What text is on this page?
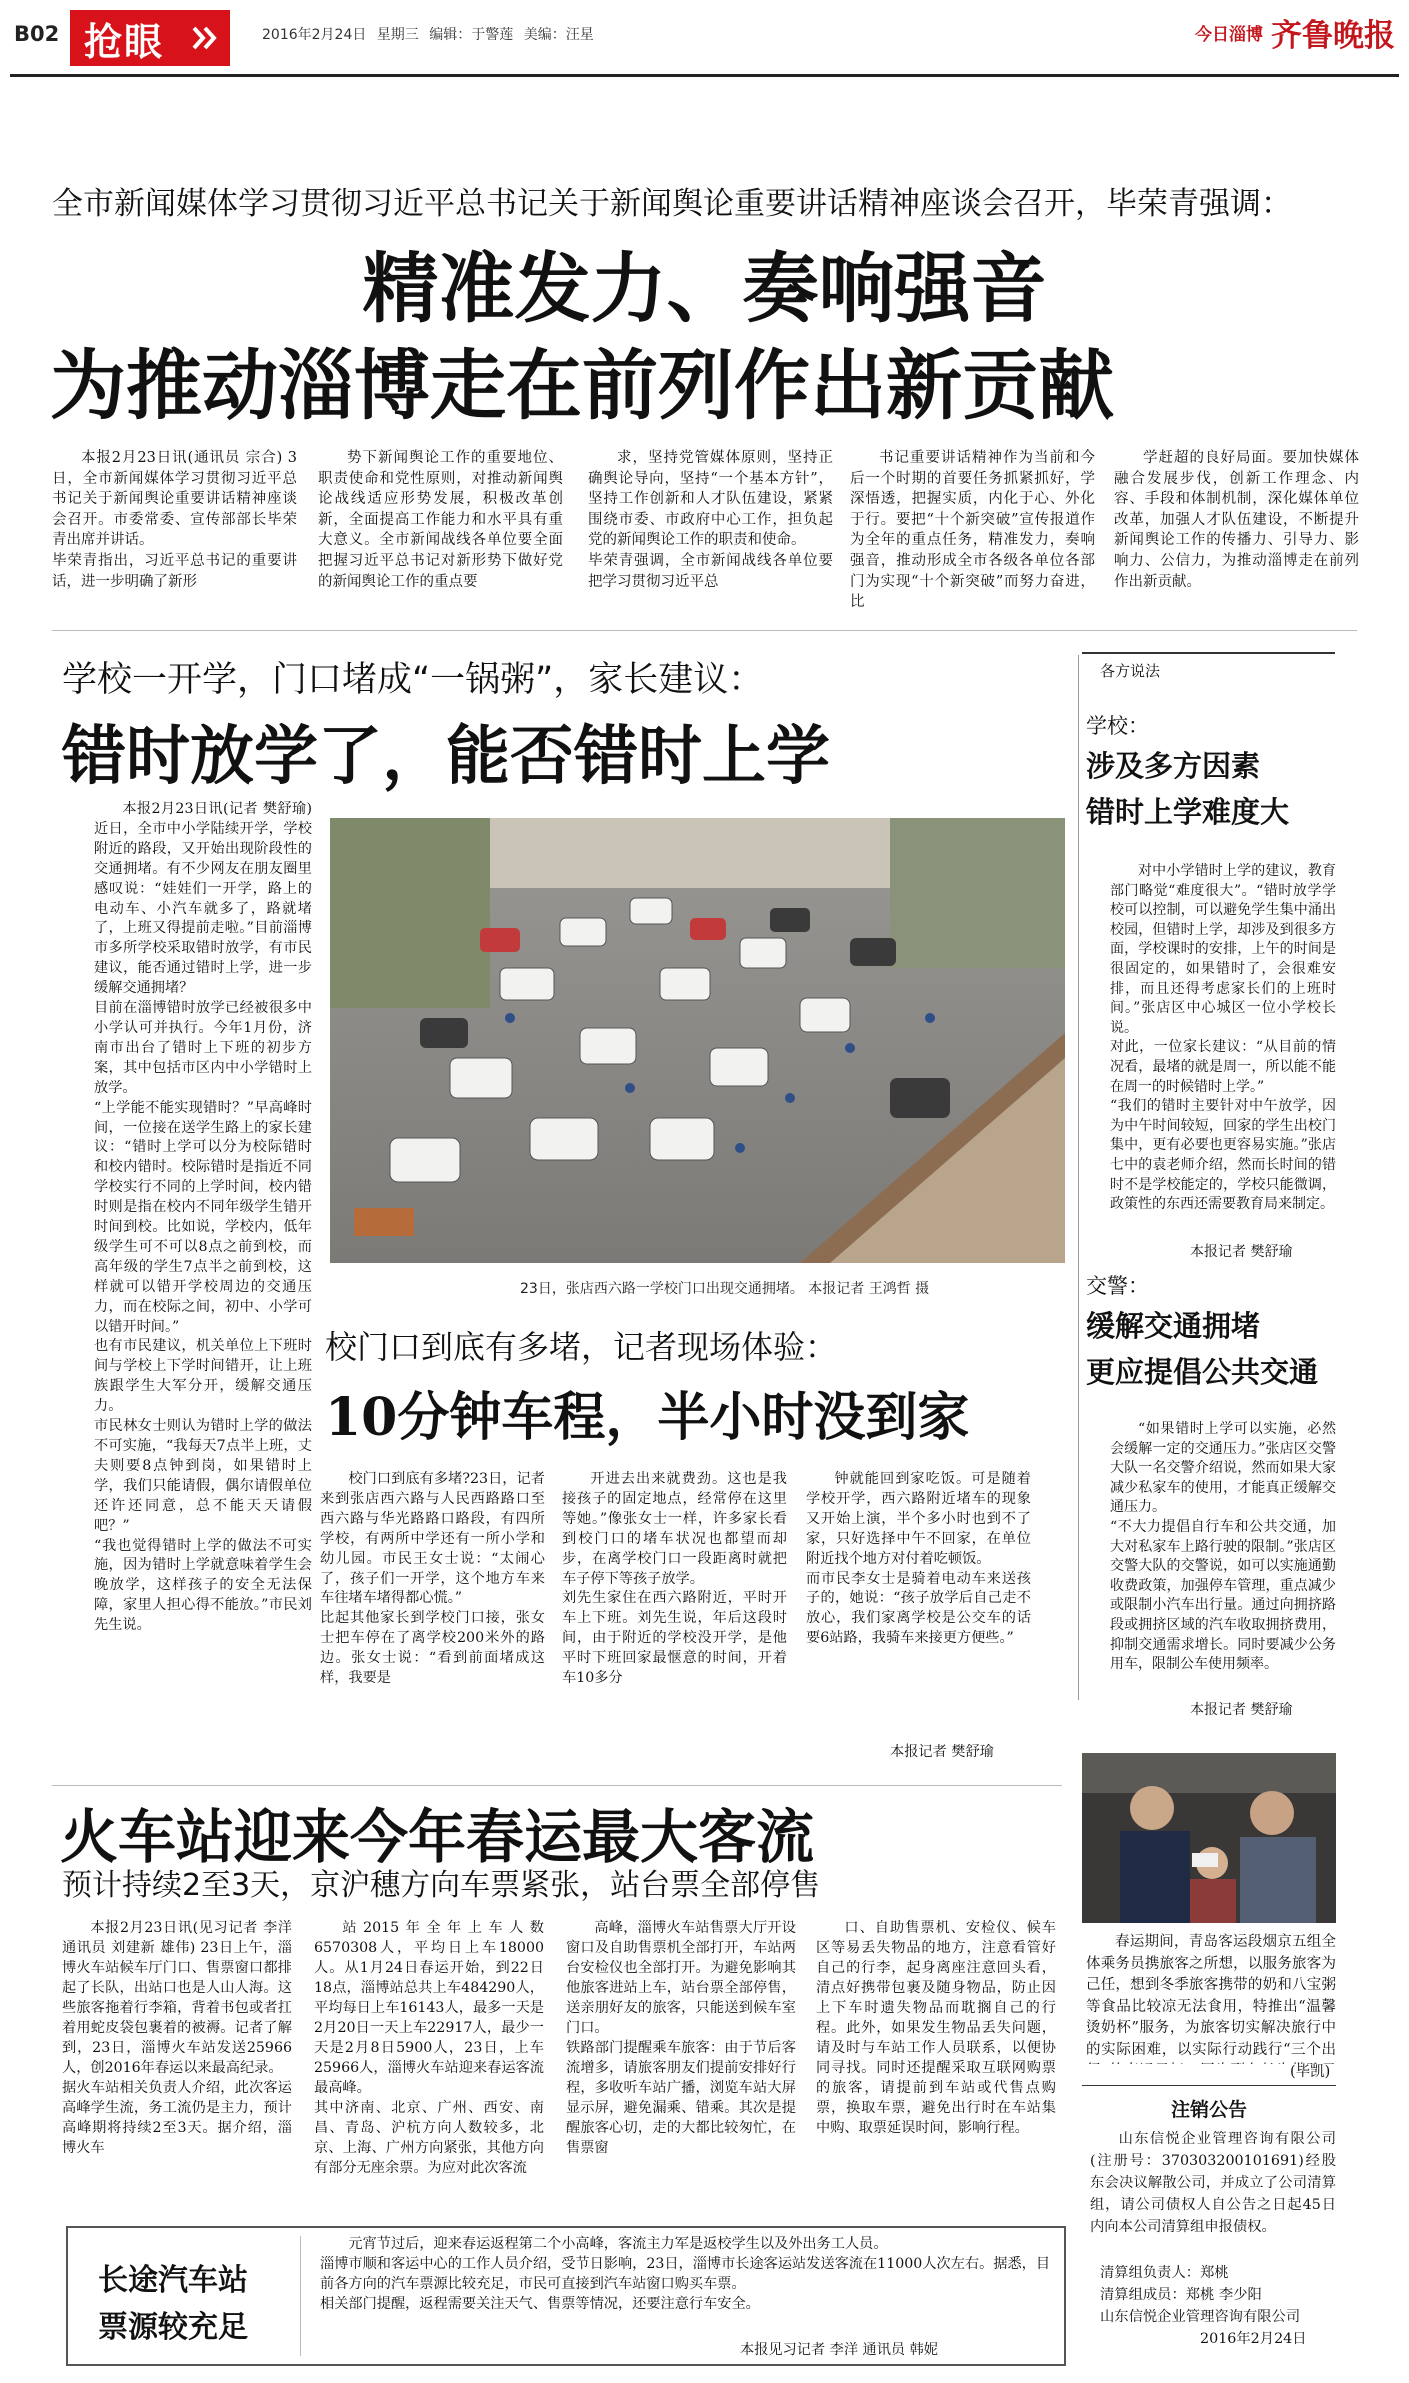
B02 抢眼	2016年2月24日 星期三 编辑：于警莲 美编：汪星	今日淄博 齐鲁晚报
全市新闻媒体学习贯彻习近平总书记关于新闻舆论重要讲话精神座谈会召开，毕荣青强调：
精准发力、奏响强音
为推动淄博走在前列作出新贡献
本报2月23日讯(通讯员 宗合) 3日，全市新闻媒体学习贯彻习近平总书记关于新闻舆论重要讲话精神座谈会召开。市委常委、宣传部部长毕荣青出席并讲话。
毕荣青指出，习近平总书记的重要讲话，进一步明确了新形
势下新闻舆论工作的重要地位、职责使命和党性原则，对推动新闻舆论战线适应形势发展，积极改革创新，全面提高工作能力和水平具有重大意义。全市新闻战线各单位要全面把握习近平总书记对新形势下做好党的新闻舆论工作的重点要
求，坚持党管媒体原则，坚持正确舆论导向，坚持“一个基本方针”，坚持工作创新和人才队伍建设，紧紧围绕市委、市政府中心工作，担负起党的新闻舆论工作的职责和使命。
毕荣青强调，全市新闻战线各单位要把学习贯彻习近平总
书记重要讲话精神作为当前和今后一个时期的首要任务抓紧抓好，学深悟透，把握实质，内化于心、外化于行。要把“十个新突破”宣传报道作为全年的重点任务，精准发力，奏响强音，推动形成全市各级各单位各部门为实现“十个新突破”而努力奋进，比
学赶超的良好局面。要加快媒体融合发展步伐，创新工作理念、内容、手段和体制机制，深化媒体单位改革，加强人才队伍建设，不断提升新闻舆论工作的传播力、引导力、影响力、公信力，为推动淄博走在前列作出新贡献。
学校一开学，门口堵成“一锅粥”，家长建议：
错时放学了，能否错时上学
本报2月23日讯(记者 樊舒瑜) 近日，全市中小学陆续开学，学校附近的路段，又开始出现阶段性的交通拥堵。有不少网友在朋友圈里感叹说：“娃娃们一开学，路上的电动车、小汽车就多了，路就堵了，上班又得提前走啦。”目前淄博市多所学校采取错时放学，有市民建议，能否通过错时上学，进一步缓解交通拥堵？
目前在淄博错时放学已经被很多中小学认可并执行。今年1月份，济南市出台了错时上下班的初步方案，其中包括市区内中小学错时上放学。
“上学能不能实现错时？”早高峰时间，一位接在送学生路上的家长建议：“错时上学可以分为校际错时和校内错时。校际错时是指近不同学校实行不同的上学时间，校内错时则是指在校内不同年级学生错开时间到校。比如说，学校内，低年级学生可不可以8点之前到校，而高年级的学生7点半之前到校，这样就可以错开学校周边的交通压力，而在校际之间，初中、小学可以错开时间。”
也有市民建议，机关单位上下班时间与学校上下学时间错开，让上班族跟学生大军分开，缓解交通压力。
市民林女士则认为错时上学的做法不可实施，“我每天7点半上班，丈夫则要8点钟到岗，如果错时上学，我们只能请假，偶尔请假单位还许还同意，总不能天天请假吧？”
“我也觉得错时上学的做法不可实施，因为错时上学就意味着学生会晚放学，这样孩子的安全无法保障，家里人担心得不能放。”市民刘先生说。
23日，张店西六路一学校门口出现交通拥堵。 本报记者 王鸿哲 摄
校门口到底有多堵，记者现场体验：
10分钟车程，半小时没到家
校门口到底有多堵?23日，记者来到张店西六路与人民西路路口至西六路与华光路路口路段，有四所学校，有两所中学还有一所小学和幼儿园。市民王女士说：“太闹心了，孩子们一开学，这个地方车来车往堵车堵得都心慌。”
比起其他家长到学校门口接，张女士把车停在了离学校200米外的路边。张女士说：“看到前面堵成这样，我要是
开进去出来就费劲。这也是我接孩子的固定地点，经常停在这里等她。”像张女士一样，许多家长看到校门口的堵车状况也都望而却步，在离学校门口一段距离时就把车子停下等孩子放学。
刘先生家住在西六路附近，平时开车上下班。刘先生说，年后这段时间，由于附近的学校没开学，是他平时下班回家最惬意的时间，开着车10多分
钟就能回到家吃饭。可是随着学校开学，西六路附近堵车的现象又开始上演，半个多小时也到不了家，只好选择中午不回家，在单位附近找个地方对付着吃顿饭。
而市民李女士是骑着电动车来送孩子的，她说：“孩子放学后自己走不放心，我们家离学校是公交车的话要6站路，我骑车来接更方便些。”
本报记者 樊舒瑜
各方说法
学校：
涉及多方因素
错时上学难度大
对中小学错时上学的建议，教育部门略觉“难度很大”。“错时放学学校可以控制，可以避免学生集中涌出校园，但错时上学，却涉及到很多方面，学校课时的安排，上午的时间是很固定的，如果错时了，会很难安排，而且还得考虑家长们的上班时间。”张店区中心城区一位小学校长说。
对此，一位家长建议：“从目前的情况看，最堵的就是周一，所以能不能在周一的时候错时上学。”
“我们的错时主要针对中午放学，因为中午时间较短，回家的学生出校门集中，更有必要也更容易实施。”张店七中的袁老师介绍，然而长时间的错时不是学校能定的，学校只能微调，政策性的东西还需要教育局来制定。
本报记者 樊舒瑜
交警：
缓解交通拥堵
更应提倡公共交通
“如果错时上学可以实施，必然会缓解一定的交通压力。”张店区交警大队一名交警介绍说，然而如果大家减少私家车的使用，才能真正缓解交通压力。
“不大力提倡自行车和公共交通，加大对私家车上路行驶的限制。”张店区交警大队的交警说，如可以实施通勤收费政策，加强停车管理，重点减少或限制小汽车出行量。通过向拥挤路段或拥挤区域的汽车收取拥挤费用，抑制交通需求增长。同时要减少公务用车，限制公车使用频率。
本报记者 樊舒瑜
春运期间，青岛客运段烟京五组全体乘务员携旅客之所想，以服务旅客为己任，想到冬季旅客携带的奶和八宝粥等食品比较凉无法食用，特推出“温馨烫奶杯”服务，为旅客切实解决旅行中的实际困难，以实际行动践行“三个出
(毕凯)
注销公告
山东信悦企业管理咨询有限公司(注册号：370303200101691)经股东会决议解散公司，并成立了公司清算组，请公司债权人自公告之日起45日内向本公司清算组申报债权。
清算组负责人：郑桃
清算组成员：郑桃 李少阳
山东信悦企业管理咨询有限公司
2016年2月24日
火车站迎来今年春运最大客流
预计持续2至3天，京沪穗方向车票紧张，站台票全部停售
本报2月23日讯(见习记者 李洋 通讯员 刘建新 雄伟) 23日上午，淄博火车站候车厅门口、售票窗口都排起了长队，出站口也是人山人海。这些旅客拖着行李箱，背着书包或者扛着用蛇皮袋包裹着的被褥。记者了解到，23日，淄博火车站发送25966人，创2016年春运以来最高纪录。
据火车站相关负责人介绍，此次客运高峰学生流，务工流仍是主力，预计高峰期将持续2至3天。据介绍，淄博火车
站2015年全年上车人数6570308人，平均日上车18000人。从1月24日春运开始，到22日18点，淄博站总共上车484290人，平均每日上车16143人，最多一天是2月20日一天上车22917人，最少一天是2月8日5900人，23日，上车25966人，淄博火车站迎来春运客流最高峰。
其中济南、北京、广州、西安、南昌、青岛、沪杭方向人数较多，北京、上海、广州方向紧张，其他方向有部分无座余票。为应对此次客流
高峰，淄博火车站售票大厅开设窗口及自助售票机全部打开，车站两台安检仪也全部打开。为避免影响其他旅客进站上车，站台票全部停售，送亲朋好友的旅客，只能送到候车室门口。
铁路部门提醒乘车旅客：由于节后客流增多，请旅客朋友们提前安排好行程，多收听车站广播，浏览车站大屏显示屏，避免漏乘、错乘。其次是提醒旅客心切，走的大都比较匆忙，在售票窗
口、自助售票机、安检仪、候车区等易丢失物品的地方，注意看管好自己的行李，起身离座注意回头看，清点好携带包裹及随身物品，防止因上下车时遗失物品而耽搁自己的行程。此外，如果发生物品丢失问题，请及时与车站工作人员联系，以便协同寻找。同时还提醒采取互联网购票的旅客，请提前到车站或代售点购票，换取车票，避免出行时在车站集中购、取票延误时间，影响行程。
长途汽车站
票源较充足
元宵节过后，迎来春运返程第二个小高峰，客流主力军是返校学生以及外出务工人员。
淄博市顺和客运中心的工作人员介绍，受节日影响，23日，淄博市长途客运站发送客流在11000人次左右。据悉，目前各方向的汽车票源比较充足，市民可直接到汽车站窗口购买车票。
相关部门提醒，返程需要关注天气、售票等情况，还要注意行车安全。
本报见习记者 李洋 通讯员 韩妮
